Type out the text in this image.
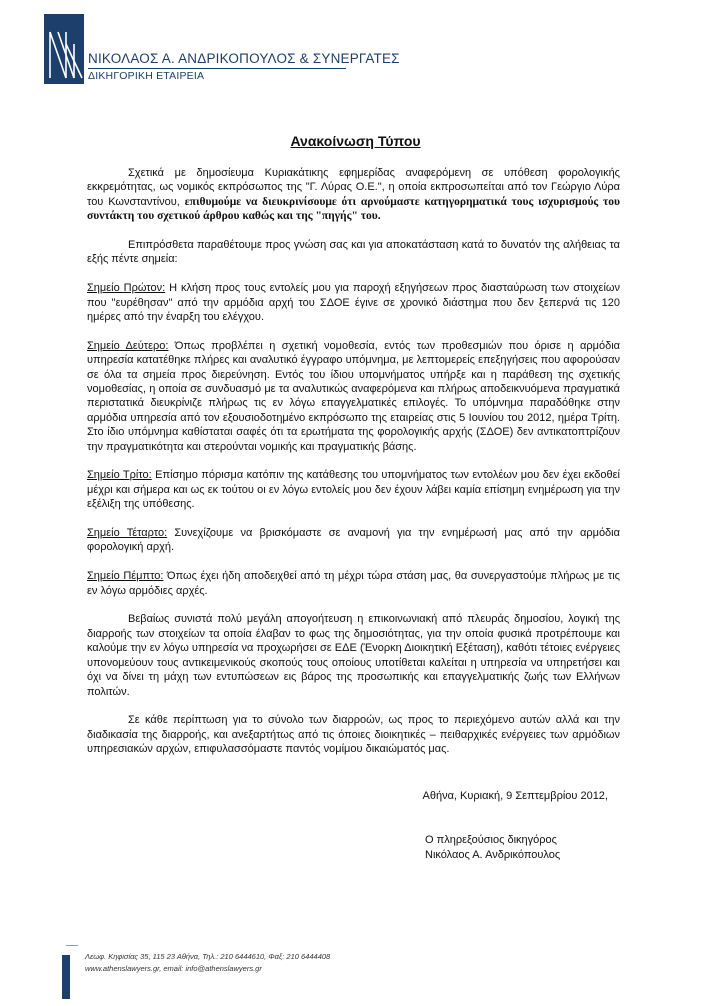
ΝΙΚΟΛΑΟΣ Α. ΑΝΔΡΙΚΟΠΟΥΛΟΣ & ΣΥΝΕΡΓΑΤΕΣ
ΔΙΚΗΓΟΡΙΚΗ ΕΤΑΙΡΕΙΑ
Ανακοίνωση Τύπου

Σχετικά με δημοσίευμα Κυριακάτικης εφημερίδας αναφερόμενη σε υπόθεση φορολογικής εκκρεμότητας, ως νομικός εκπρόσωπος της "Γ. Λύρας Ο.Ε.", η οποία εκπροσωπείται από τον Γεώργιο Λύρα του Κωνσταντίνου, επιθυμούμε να διευκρινίσουμε ότι αρνούμαστε κατηγορηματικά τους ισχυρισμούς του συντάκτη του σχετικού άρθρου καθώς και της "πηγής" του.

Επιπρόσθετα παραθέτουμε προς γνώση σας και για αποκατάσταση κατά το δυνατόν της αλήθειας τα εξής πέντε σημεία:

Σημείο Πρώτον: Η κλήση προς τους εντολείς μου για παροχή εξηγήσεων προς διασταύρωση των στοιχείων που "ευρέθησαν" από την αρμόδια αρχή του ΣΔΟΕ έγινε σε χρονικό διάστημα που δεν ξεπερνά τις 120 ημέρες από την έναρξη του ελέγχου.

Σημείο Δεύτερο: Όπως προβλέπει η σχετική νομοθεσία, εντός των προθεσμιών που όρισε η αρμόδια υπηρεσία κατατέθηκε πλήρες και αναλυτικό έγγραφο υπόμνημα, με λεπτομερείς επεξηγήσεις που αφορούσαν σε όλα τα σημεία προς διερεύνηση. Εντός του ίδιου υπομνήματος υπήρξε και η παράθεση της σχετικής νομοθεσίας, η οποία σε συνδυασμό με τα αναλυτικώς αναφερόμενα και πλήρως αποδεικνυόμενα πραγματικά περιστατικά διευκρίνιζε πλήρως τις εν λόγω επαγγελματικές επιλογές. Το υπόμνημα παραδόθηκε στην αρμόδια υπηρεσία από τον εξουσιοδοτημένο εκπρόσωπο της εταιρείας στις 5 Ιουνίου του 2012, ημέρα Τρίτη. Στο ίδιο υπόμνημα καθίσταται σαφές ότι τα ερωτήματα της φορολογικής αρχής (ΣΔΟΕ) δεν αντικατοπτρίζουν την πραγματικότητα και στερούνται νομικής και πραγματικής βάσης.

Σημείο Τρίτο: Επίσημο πόρισμα κατόπιν της κατάθεσης του υπομνήματος των εντολέων μου δεν έχει εκδοθεί μέχρι και σήμερα και ως εκ τούτου οι εν λόγω εντολείς μου δεν έχουν λάβει καμία επίσημη ενημέρωση για την εξέλιξη της υπόθεσης.

Σημείο Τέταρτο: Συνεχίζουμε να βρισκόμαστε σε αναμονή για την ενημέρωσή μας από την αρμόδια φορολογική αρχή.

Σημείο Πέμπτο: Όπως έχει ήδη αποδειχθεί από τη μέχρι τώρα στάση μας, θα συνεργαστούμε πλήρως με τις εν λόγω αρμόδιες αρχές.

Βεβαίως συνιστά πολύ μεγάλη απογοήτευση η επικοινωνιακή από πλευράς δημοσίου, λογική της διαρροής των στοιχείων τα οποία έλαβαν το φως της δημοσιότητας, για την οποία φυσικά προτρέπουμε και καλούμε την εν λόγω υπηρεσία να προχωρήσει σε ΕΔΕ (Ένορκη Διοικητική Εξέταση), καθότι τέτοιες ενέργειες υπονομεύουν τους αντικειμενικούς σκοπούς τους οποίους υποτίθεται καλείται η υπηρεσία να υπηρετήσει και όχι να δίνει τη μάχη των εντυπώσεων εις βάρος της προσωπικής και επαγγελματικής ζωής των Ελλήνων πολιτών.

Σε κάθε περίπτωση για το σύνολο των διαρροών, ως προς το περιεχόμενο αυτών αλλά και την διαδικασία της διαρροής, και ανεξαρτήτως από τις όποιες διοικητικές – πειθαρχικές ενέργειες των αρμόδιων υπηρεσιακών αρχών, επιφυλασσόμαστε παντός νομίμου δικαιώματός μας.

Αθήνα, Κυριακή, 9 Σεπτεμβρίου 2012,
Ο πληρεξούσιος δικηγόρος
Νικόλαος Α. Ανδρικόπουλος
Λεωφ. Κηφισίας 35, 115 23 Αθήνα, Τηλ.: 210 6444610, Φαξ: 210 6444408
www.athenslawyers.gr, email: info@athenslawyers.gr
